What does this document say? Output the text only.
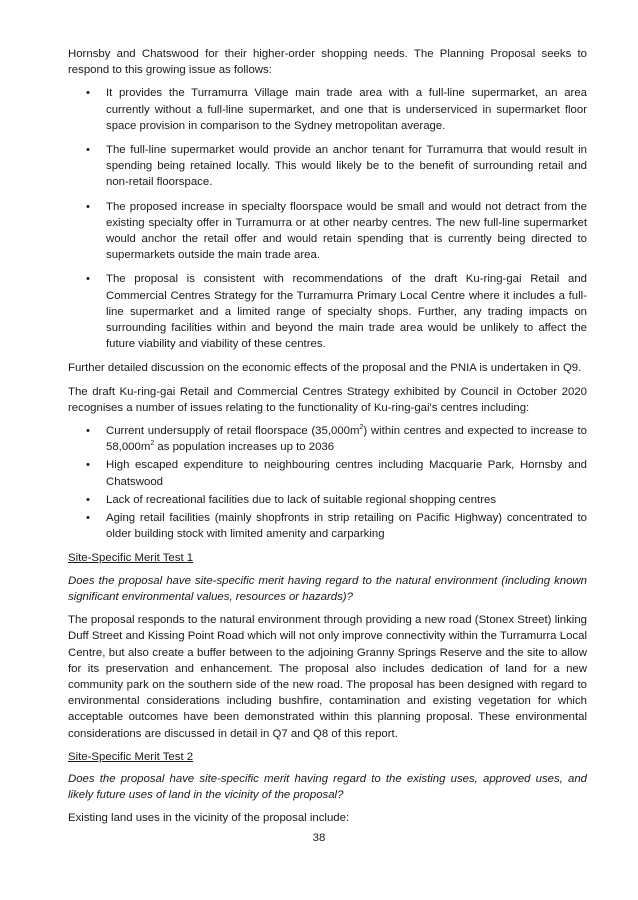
Hornsby and Chatswood for their higher-order shopping needs. The Planning Proposal seeks to respond to this growing issue as follows:

• It provides the Turramurra Village main trade area with a full-line supermarket, an area currently without a full-line supermarket, and one that is underserviced in supermarket floor space provision in comparison to the Sydney metropolitan average.
• The full-line supermarket would provide an anchor tenant for Turramurra that would result in spending being retained locally. This would likely be to the benefit of surrounding retail and non-retail floorspace.
• The proposed increase in specialty floorspace would be small and would not detract from the existing specialty offer in Turramurra or at other nearby centres. The new full-line supermarket would anchor the retail offer and would retain spending that is currently being directed to supermarkets outside the main trade area.
• The proposal is consistent with recommendations of the draft Ku-ring-gai Retail and Commercial Centres Strategy for the Turramurra Primary Local Centre where it includes a full-line supermarket and a limited range of specialty shops. Further, any trading impacts on surrounding facilities within and beyond the main trade area would be unlikely to affect the future viability and viability of these centres.

Further detailed discussion on the economic effects of the proposal and the PNIA is undertaken in Q9.

The draft Ku-ring-gai Retail and Commercial Centres Strategy exhibited by Council in October 2020 recognises a number of issues relating to the functionality of Ku-ring-gai's centres including:

• Current undersupply of retail floorspace $(35,000m^2)$ within centres and expected to increase to $58,000m^2$ as population increases up to 2036
• High escaped expenditure to neighbouring centres including Macquarie Park, Hornsby and Chatswood
• Lack of recreational facilities due to lack of suitable regional shopping centres
• Aging retail facilities (mainly shopfronts in strip retailing on Pacific Highway) concentrated to older building stock with limited amenity and carparking

Site-Specific Merit Test 1

Does the proposal have site-specific merit having regard to the natural environment (including known significant environmental values, resources or hazards)?

The proposal responds to the natural environment through providing a new road (Stonex Street) linking Duff Street and Kissing Point Road which will not only improve connectivity within the Turramurra Local Centre, but also create a buffer between to the adjoining Granny Springs Reserve and the site to allow for its preservation and enhancement. The proposal also includes dedication of land for a new community park on the southern side of the new road. The proposal has been designed with regard to environmental considerations including bushfire, contamination and existing vegetation for which acceptable outcomes have been demonstrated within this planning proposal. These environmental considerations are discussed in detail in Q7 and Q8 of this report.

Site-Specific Merit Test 2

Does the proposal have site-specific merit having regard to the existing uses, approved uses, and likely future uses of land in the vicinity of the proposal?

Existing land uses in the vicinity of the proposal include:

38
